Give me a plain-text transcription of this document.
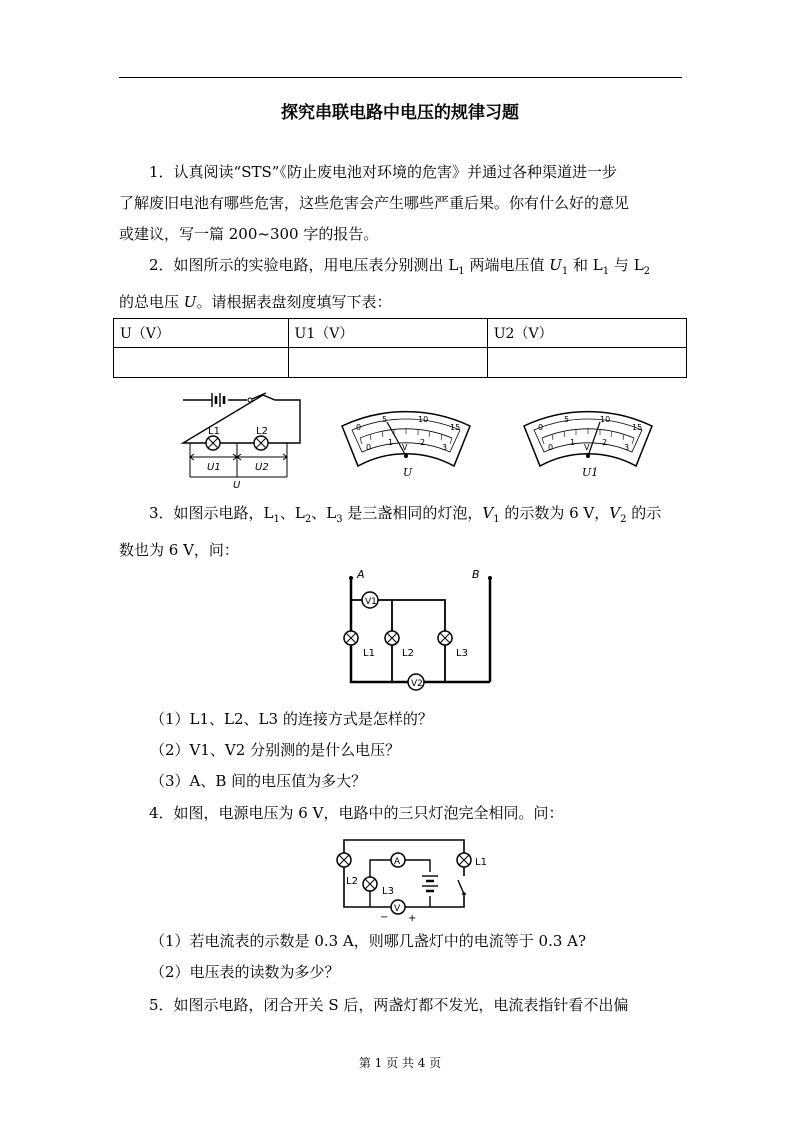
探究串联电路中电压的规律习题

1．认真阅读“STS”《防止废电池对环境的危害》并通过各种渠道进一步

了解废旧电池有哪些危害，这些危害会产生哪些严重后果。你有什么好的意见

或建议，写一篇 200~300 字的报告。

2．如图所示的实验电路，用电压表分别测出 $L_1$ 两端电压值 $U_1$ 和 $L_1$ 与 $L_2$
的总电压 U。请根据表盘刻度填写下表：

U（V）	U1（V）	U2（V）

L1	L2
U1	U2
U
0
5	10
15
0
1	2
3
V
U
0
5	10
15
0
1	2
3
V
U1

3．如图示电路，$L_1$、$L_2$、$L_3$ 是三盏相同的灯泡，$V_1$ 的示数为 6 V，$V_2$ 的示
数也为 6 V，问：

A	B
V1
L1	L2	L3
V2

（1）L1、L2、L3 的连接方式是怎样的？

（2）V1、V2 分别测的是什么电压？

（3）A、B 间的电压值为多大？

4．如图，电源电压为 6 V，电路中的三只灯泡完全相同。问：

A
V
− +
L1
L2
L3

（1）若电流表的示数是 0.3 A，则哪几盏灯中的电流等于 0.3 A?

（2）电压表的读数为多少？

5．如图示电路，闭合开关 S 后，两盏灯都不发光，电流表指针看不出偏

第 1 页 共 4 页
